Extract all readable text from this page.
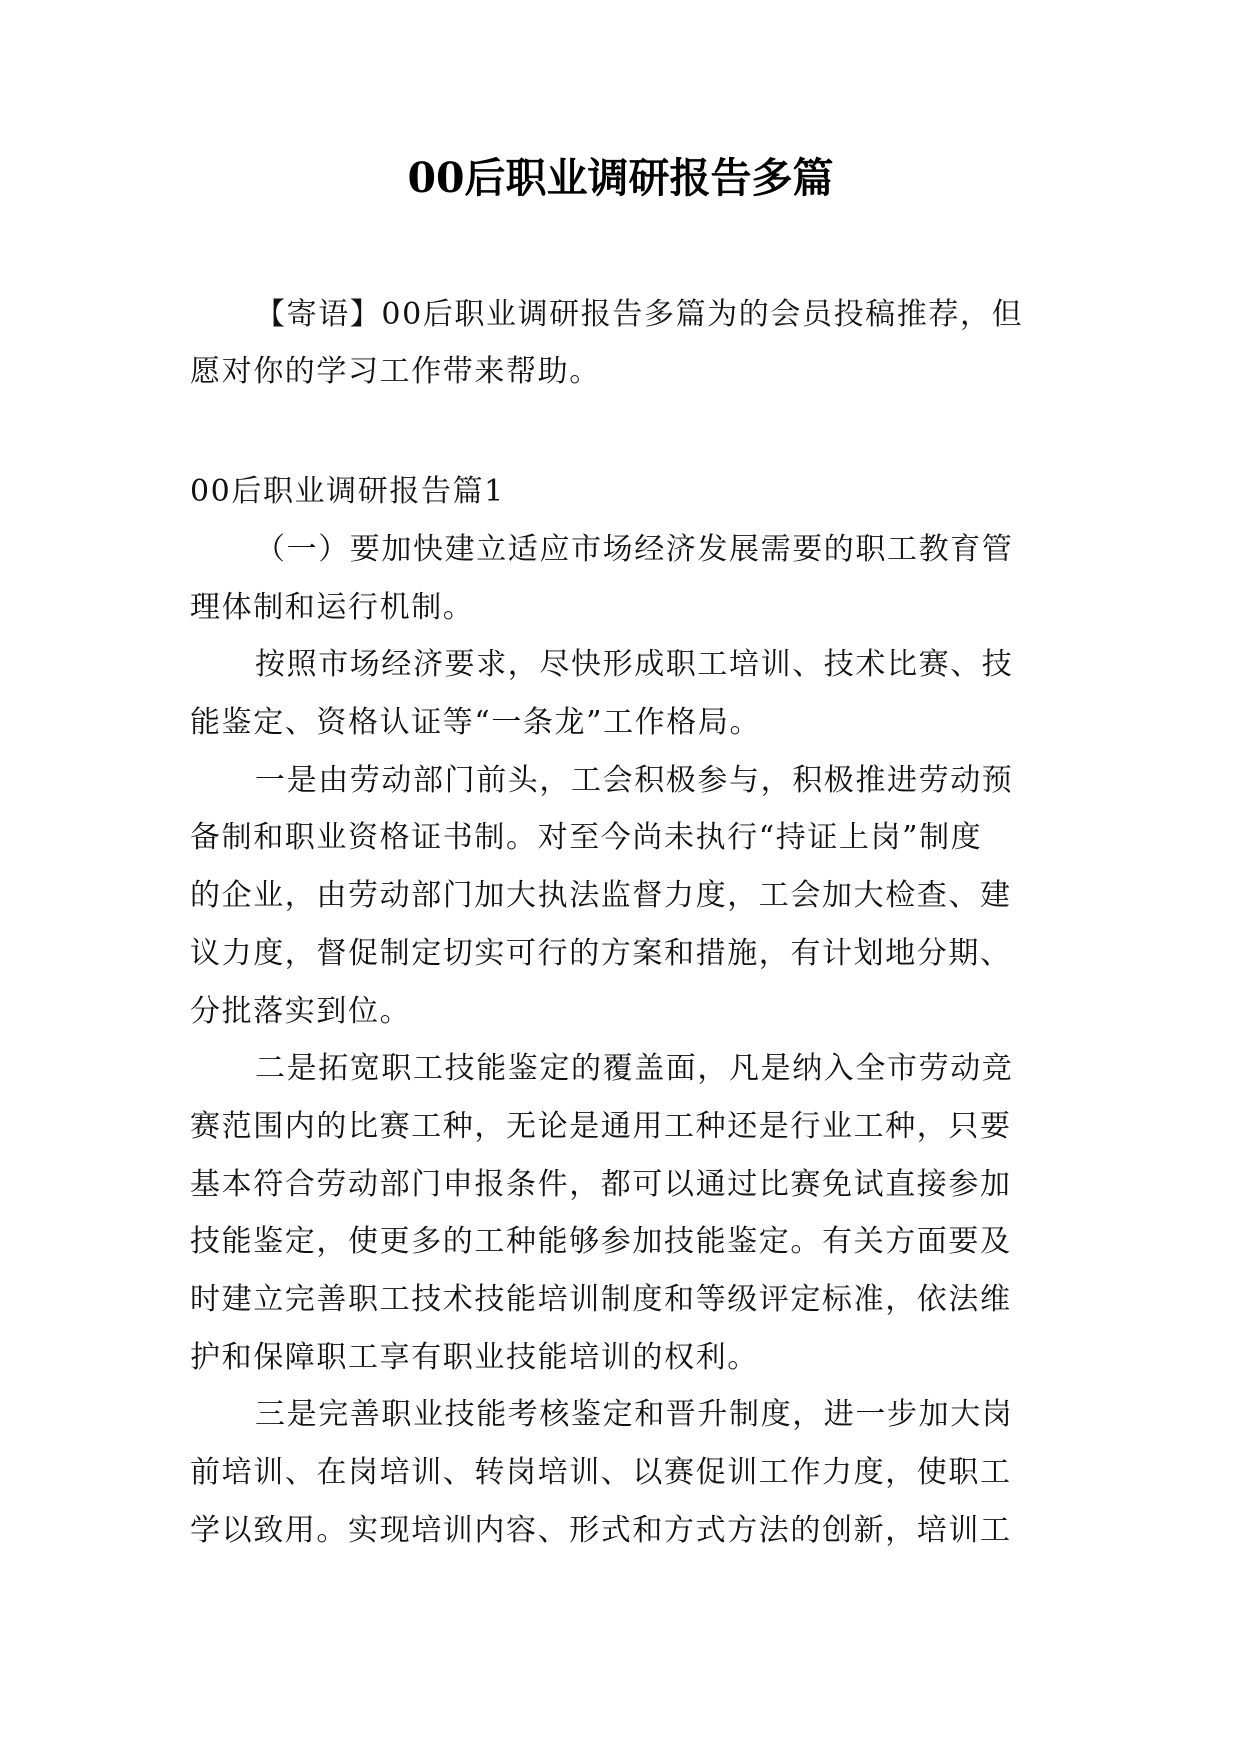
00后职业调研报告多篇
【寄语】00后职业调研报告多篇为的会员投稿推荐，但
愿对你的学习工作带来帮助。
00后职业调研报告篇1
（一）要加快建立适应市场经济发展需要的职工教育管
理体制和运行机制。
按照市场经济要求，尽快形成职工培训、技术比赛、技
能鉴定、资格认证等“一条龙”工作格局。
一是由劳动部门前头，工会积极参与，积极推进劳动预
备制和职业资格证书制。对至今尚未执行“持证上岗”制度
的企业，由劳动部门加大执法监督力度，工会加大检查、建
议力度，督促制定切实可行的方案和措施，有计划地分期、
分批落实到位。
二是拓宽职工技能鉴定的覆盖面，凡是纳入全市劳动竞
赛范围内的比赛工种，无论是通用工种还是行业工种，只要
基本符合劳动部门申报条件，都可以通过比赛免试直接参加
技能鉴定，使更多的工种能够参加技能鉴定。有关方面要及
时建立完善职工技术技能培训制度和等级评定标准，依法维
护和保障职工享有职业技能培训的权利。
三是完善职业技能考核鉴定和晋升制度，进一步加大岗
前培训、在岗培训、转岗培训、以赛促训工作力度，使职工
学以致用。实现培训内容、形式和方式方法的创新，培训工
